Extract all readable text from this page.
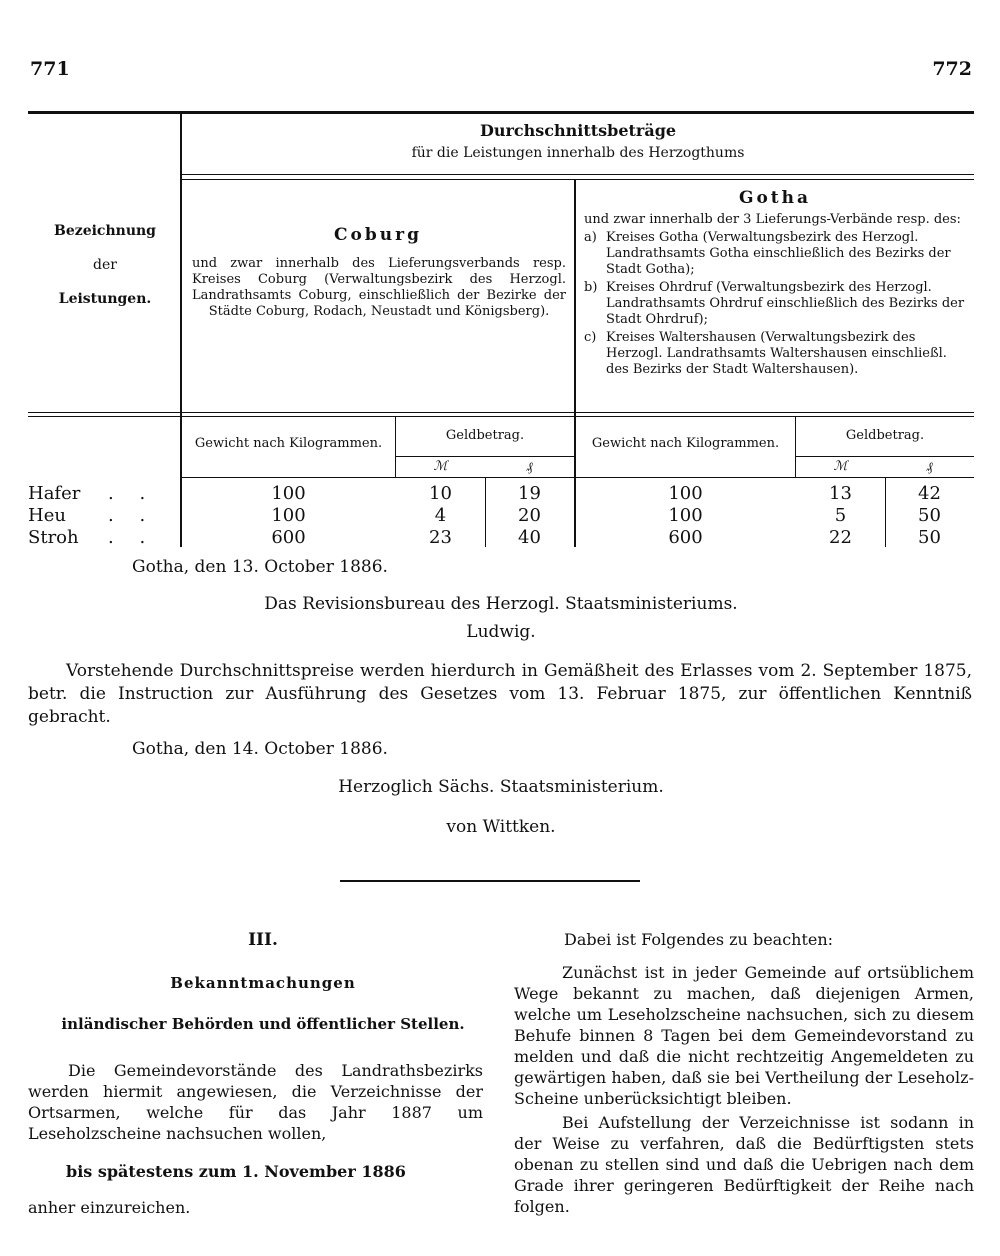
771	772
Durchschnittsbeträge
für die Leistungen innerhalb des Herzogthums
Bezeichnung
der
Leistungen.
Coburg
und zwar innerhalb des Lieferungsverbands resp. Kreises Coburg (Verwaltungsbezirk des Herzogl. Landrathsamts Coburg, einschließlich der Bezirke der Städte Coburg, Rodach, Neustadt und Königsberg).
Gotha
und zwar innerhalb der 3 Lieferungs-Verbände resp. des:
a) Kreises Gotha (Verwaltungsbezirk des Herzogl. Landrathsamts Gotha einschließlich des Bezirks der Stadt Gotha);
b) Kreises Ohrdruf (Verwaltungsbezirk des Herzogl. Landrathsamts Ohrdruf einschließlich des Bezirks der Stadt Ohrdruf);
c) Kreises Waltershausen (Verwaltungsbezirk des Herzogl. Landrathsamts Waltershausen einschließl. des Bezirks der Stadt Waltershausen).
Gewicht nach Kilogrammen.
Geldbetrag.
ℳ	₰
Gewicht nach Kilogrammen.
Geldbetrag.
ℳ	₰
Hafer . .	100	10	19	100	13	42
Heu . .	100	4	20	100	5	50
Stroh . .	600	23	40	600	22	50
Gotha, den 13. October 1886.
Das Revisionsbureau des Herzogl. Staatsministeriums.
Ludwig.
Vorstehende Durchschnittspreise werden hierdurch in Gemäßheit des Erlasses vom 2. September 1875, betr. die Instruction zur Ausführung des Gesetzes vom 13. Februar 1875, zur öffentlichen Kenntniß gebracht.
Gotha, den 14. October 1886.
Herzoglich Sächs. Staatsministerium.
von Wittken.
III.
Bekanntmachungen
inländischer Behörden und öffentlicher Stellen.
Die Gemeindevorstände des Landrathsbezirks werden hiermit angewiesen, die Verzeichnisse der Ortsarmen, welche für das Jahr 1887 um Leseholzscheine nachsuchen wollen,
bis spätestens zum 1. November 1886
anher einzureichen.
Dabei ist Folgendes zu beachten:
Zunächst ist in jeder Gemeinde auf ortsüblichem Wege bekannt zu machen, daß diejenigen Armen, welche um Leseholzscheine nachsuchen, sich zu diesem Behufe binnen 8 Tagen bei dem Gemeindevorstand zu melden und daß die nicht rechtzeitig Angemeldeten zu gewärtigen haben, daß sie bei Vertheilung der Leseholz-Scheine unberücksichtigt bleiben.
Bei Aufstellung der Verzeichnisse ist sodann in der Weise zu verfahren, daß die Bedürftigsten stets obenan zu stellen sind und daß die Uebrigen nach dem Grade ihrer geringeren Bedürftigkeit der Reihe nach folgen.
